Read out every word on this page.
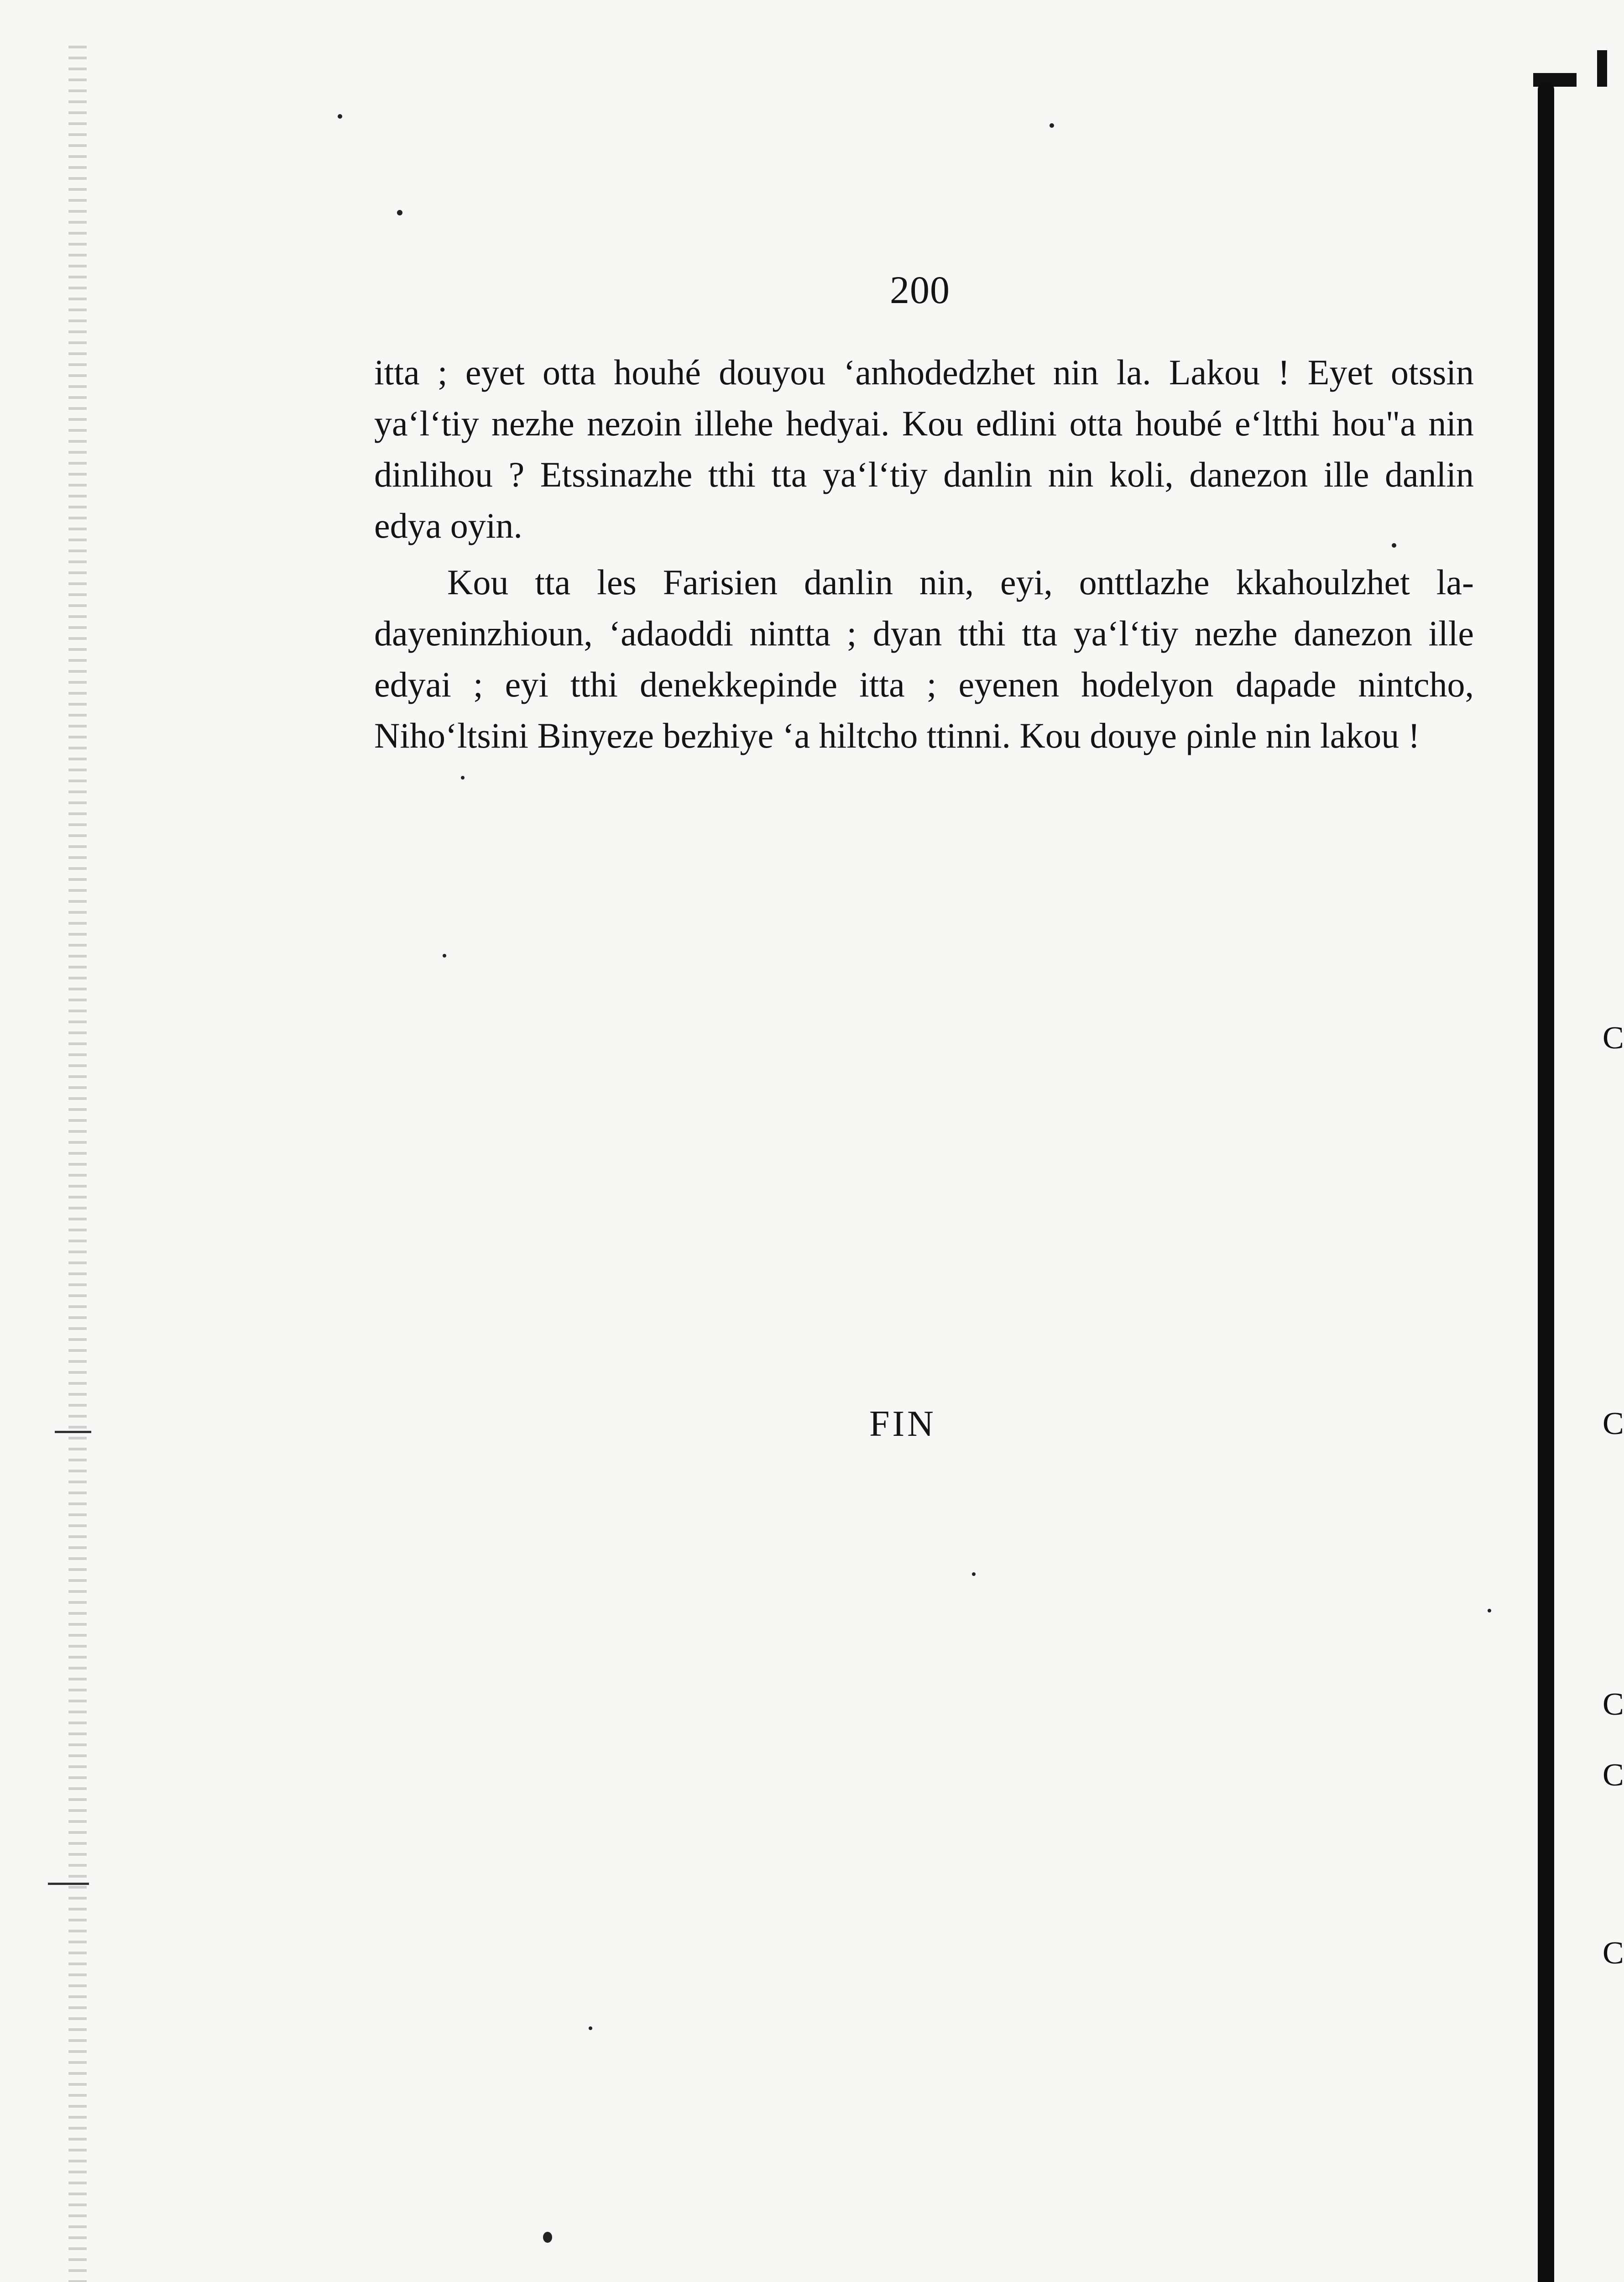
C
C
C
C
C
200

itta ; eyet otta houhé douyou ‘anhodedzhet nin la. Lakou ! Eyet otssin ya‘l‘tiy nezhe nezoin illehe hedyai. Kou edlini otta houbé e‘ltthi hou"a nin dinlihou ? Etssinazhe tthi tta ya‘l‘tiy danlin nin koli, danezon ille danlin edya oyin.

Kou tta les Farisien danlin nin, eyi, onttlazhe kkahoulzhet la-dayeninzhioun, ‘adaoddi nintta ; dyan tthi tta ya‘l‘tiy nezhe danezon ille edyai ; eyi tthi denekkeρinde itta ; eyenen hodelyon daρade nintcho, Niho‘ltsini Binyeze bezhiye ‘a hiltcho ttinni. Kou douye ρinle nin lakou !

FIN
